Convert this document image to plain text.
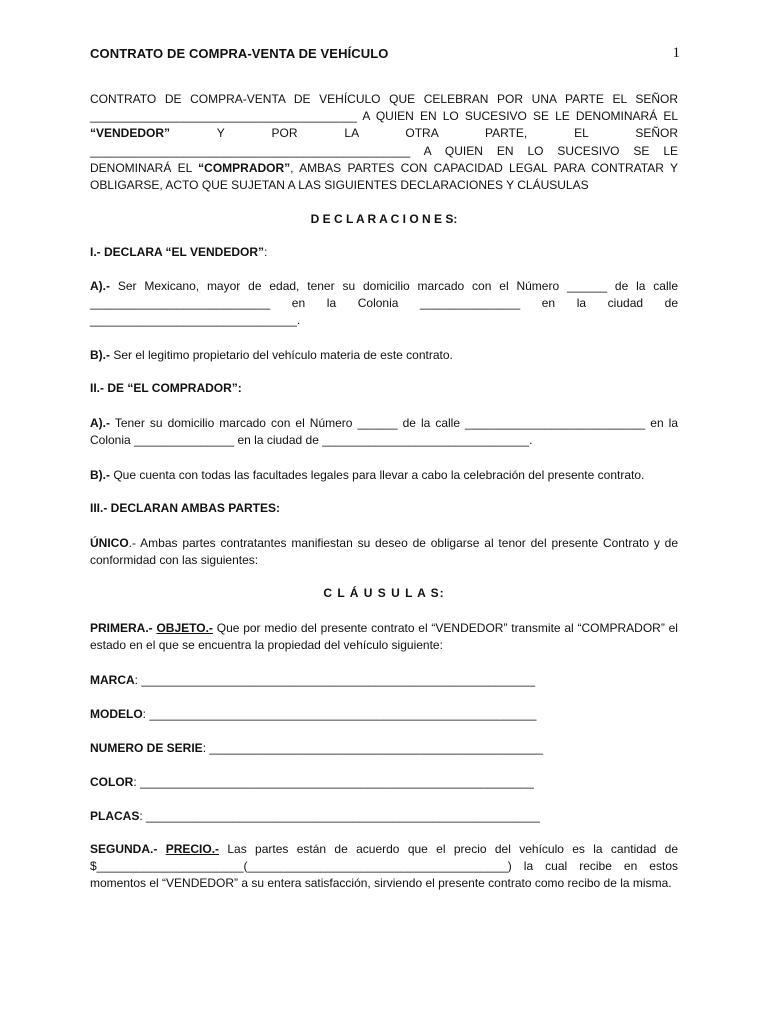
CONTRATO DE COMPRA-VENTA DE VEHÍCULO	1
CONTRATO DE COMPRA-VENTA DE VEHÍCULO QUE CELEBRAN POR UNA PARTE EL SEÑOR
________________________________________ A QUIEN EN LO SUCESIVO SE LE DENOMINARÁ EL
“VENDEDOR”	Y POR LA OTRA PARTE, EL SEÑOR
________________________________________________ A QUIEN EN LO SUCESIVO SE LE
DENOMINARÁ EL “COMPRADOR”, AMBAS PARTES CON CAPACIDAD LEGAL PARA CONTRATAR Y
OBLIGARSE, ACTO QUE SUJETAN A LAS SIGUIENTES DECLARACIONES Y CLÁUSULAS
D E C L A R A C I O N E S:
I.- DECLARA “EL VENDEDOR”:
A).- Ser Mexicano, mayor de edad, tener su domicilio marcado con el Número ______ de la calle ___________________________ en la Colonia _______________ en la ciudad de _______________________________.
B).- Ser el legitimo propietario del vehículo materia de este contrato.
II.- DE “EL COMPRADOR”:
A).- Tener su domicilio marcado con el Número ______ de la calle ___________________________ en la Colonia _______________ en la ciudad de _______________________________.
B).- Que cuenta con todas las facultades legales para llevar a cabo la celebración del presente contrato.
III.- DECLARAN AMBAS PARTES:
ÚNICO.- Ambas partes contratantes manifiestan su deseo de obligarse al tenor del presente Contrato y de conformidad con las siguientes:
C L Á U S U L A S:
PRIMERA.- OBJETO.- Que por medio del presente contrato el “VENDEDOR” transmite al “COMPRADOR” el estado en el que se encuentra la propiedad del vehículo siguiente:
MARCA: ___________________________________________________________
MODELO: __________________________________________________________
NUMERO DE SERIE: __________________________________________________
COLOR: ___________________________________________________________
PLACAS: ___________________________________________________________
SEGUNDA.- PRECIO.- Las partes están de acuerdo que el precio del vehículo es la cantidad de $______________________(_______________________________________) la cual recibe en estos momentos el “VENDEDOR” a su entera satisfacción, sirviendo el presente contrato como recibo de la misma.
